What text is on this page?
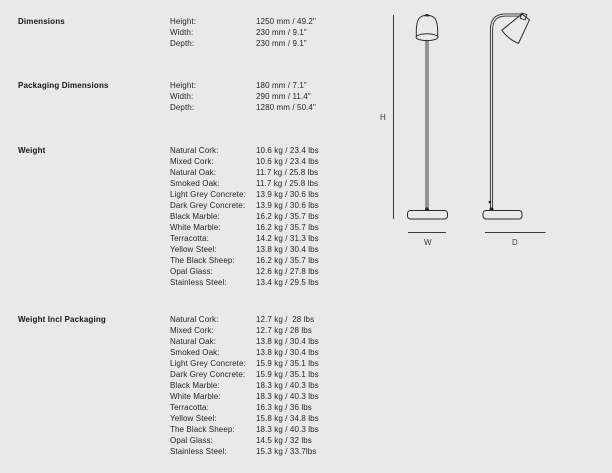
Dimensions	Height:	1250 mm / 49.2"
Width:	230 mm / 9.1"
Depth:	230 mm / 9.1"
Packaging Dimensions	Height:	180 mm / 7.1"
Width:	290 mm / 11.4"
Depth:	1280 mm / 50.4"
Weight	Natural Cork:	10.6 kg / 23.4 lbs
Mixed Cork:	10.6 kg / 23.4 lbs
Natural Oak:	11.7 kg / 25.8 lbs
Smoked Oak:	11.7 kg / 25.8 lbs
Light Grey Concrete: 13.9 kg / 30.6 lbs
Dark Grey Concrete: 13.9 kg / 30.6 lbs
Black Marble:	16.2 kg / 35.7 lbs
White Marble:	16.2 kg / 35.7 lbs
Terracotta:	14.2 kg / 31.3 lbs
Yellow Steel:	13.8 kg / 30.4 lbs
The Black Sheep:	16.2 kg / 35.7 lbs
Opal Glass:	12.6 kg / 27.8 lbs
Stainless Steel:	13.4 kg / 29.5 lbs
Weight Incl Packaging	Natural Cork:	12.7 kg /  28 lbs
Mixed Cork:	12.7 kg / 28 lbs
Natural Oak:	13.8 kg / 30.4 lbs
Smoked Oak:	13.8 kg / 30.4 lbs
Light Grey Concrete: 15.9 kg / 35.1 lbs
Dark Grey Concrete: 15.9 kg / 35.1 lbs
Black Marble:	18.3 kg / 40.3 lbs
White Marble:	18.3 kg / 40.3 lbs
Terracotta:	16.3 kg / 36 lbs
Yellow Steel:	15.8 kg / 34.8 lbs
The Black Sheep:	18.3 kg / 40.3 lbs
Opal Glass:	14.5 kg / 32 lbs
Stainless Steel:	15.3 kg / 33.7lbs
H
W	D
